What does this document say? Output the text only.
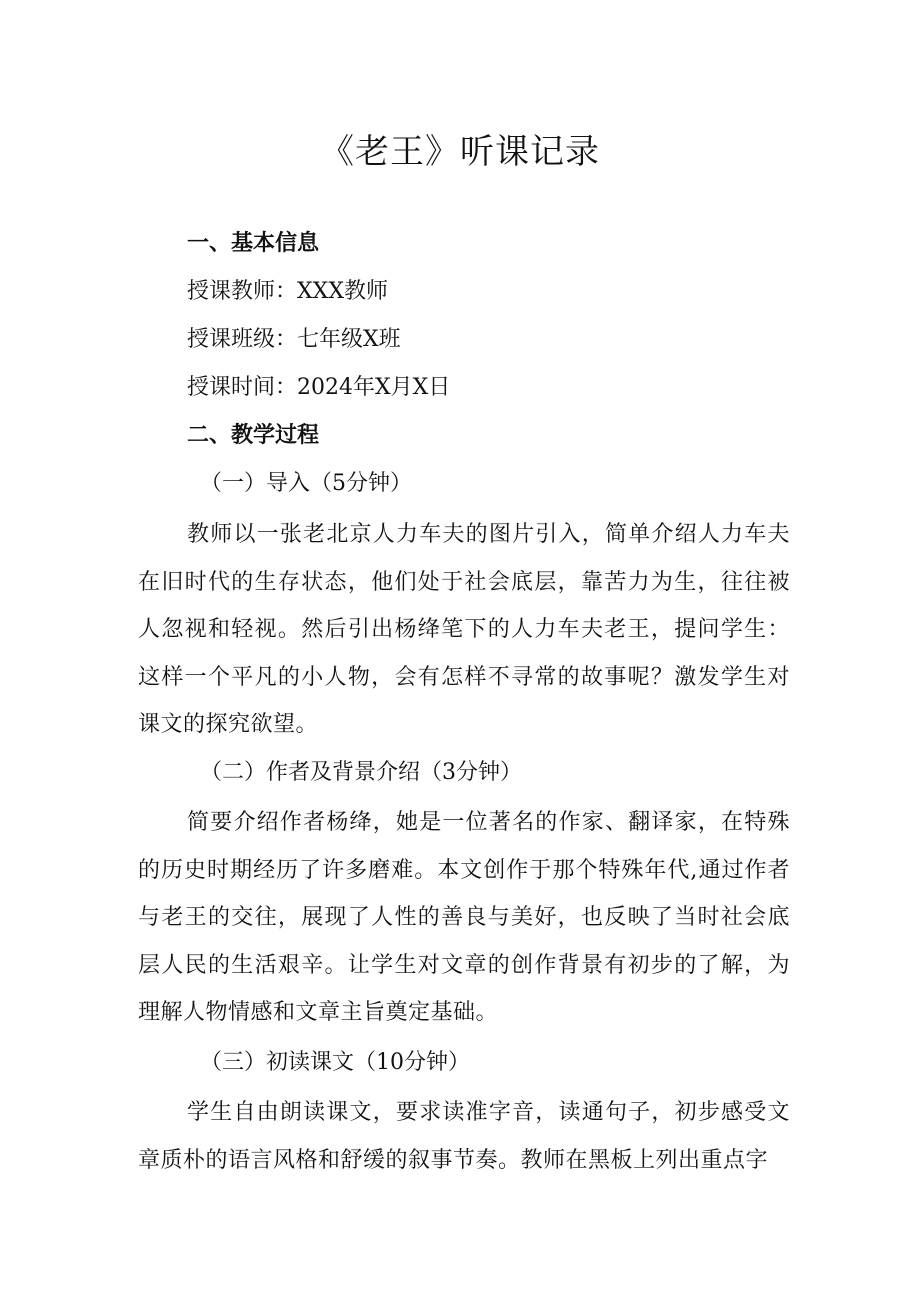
《老王》听课记录

一、基本信息

授课教师：XXX教师

授课班级：七年级X班

授课时间：2024年X月X日

二、教学过程

（一）导入（5分钟）

教师以一张老北京人力车夫的图片引入，简单介绍人力车夫在旧时代的生存状态，他们处于社会底层，靠苦力为生，往往被人忽视和轻视。然后引出杨绛笔下的人力车夫老王，提问学生：这样一个平凡的小人物，会有怎样不寻常的故事呢？激发学生对课文的探究欲望。

（二）作者及背景介绍（3分钟）

简要介绍作者杨绛，她是一位著名的作家、翻译家，在特殊的历史时期经历了许多磨难。本文创作于那个特殊年代,通过作者与老王的交往，展现了人性的善良与美好，也反映了当时社会底层人民的生活艰辛。让学生对文章的创作背景有初步的了解，为理解人物情感和文章主旨奠定基础。

（三）初读课文（10分钟）

学生自由朗读课文，要求读准字音，读通句子，初步感受文章质朴的语言风格和舒缓的叙事节奏。教师在黑板上列出重点字
